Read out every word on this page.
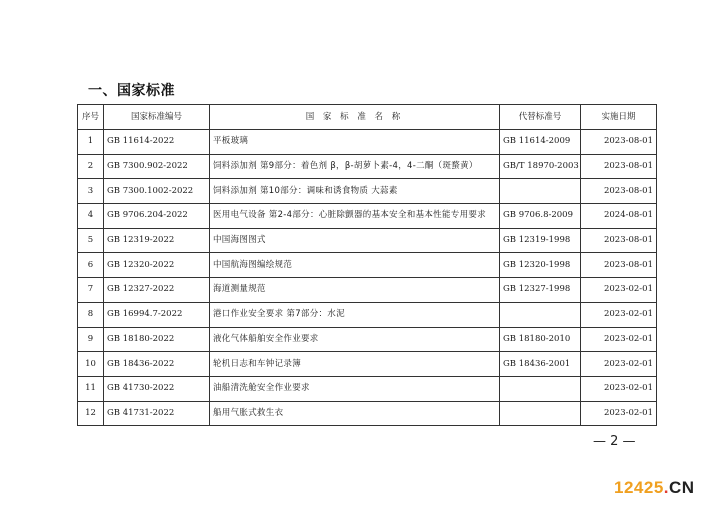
一、国家标准
序号	国家标准编号	国 家 标 准 名 称	代替标准号	实施日期
1	GB 11614-2022	平板玻璃	GB 11614-2009	2023-08-01
2	GB 7300.902-2022	饲料添加剂 第9部分：着色剂 β，β-胡萝卜素-4，4-二酮（斑蝥黄）	GB/T 18970-2003	2023-08-01
3	GB 7300.1002-2022	饲料添加剂 第10部分：调味和诱食物质 大蒜素		2023-08-01
4	GB 9706.204-2022	医用电气设备 第2-4部分：心脏除颤器的基本安全和基本性能专用要求	GB 9706.8-2009	2024-08-01
5	GB 12319-2022	中国海图图式	GB 12319-1998	2023-08-01
6	GB 12320-2022	中国航海图编绘规范	GB 12320-1998	2023-08-01
7	GB 12327-2022	海道测量规范	GB 12327-1998	2023-02-01
8	GB 16994.7-2022	港口作业安全要求 第7部分：水泥		2023-02-01
9	GB 18180-2022	液化气体船舶安全作业要求	GB 18180-2010	2023-02-01
10	GB 18436-2022	轮机日志和车钟记录簿	GB 18436-2001	2023-02-01
11	GB 41730-2022	油船清洗舱安全作业要求		2023-02-01
12	GB 41731-2022	船用气胀式救生衣		2023-02-01
— 2 —
12425.CN
